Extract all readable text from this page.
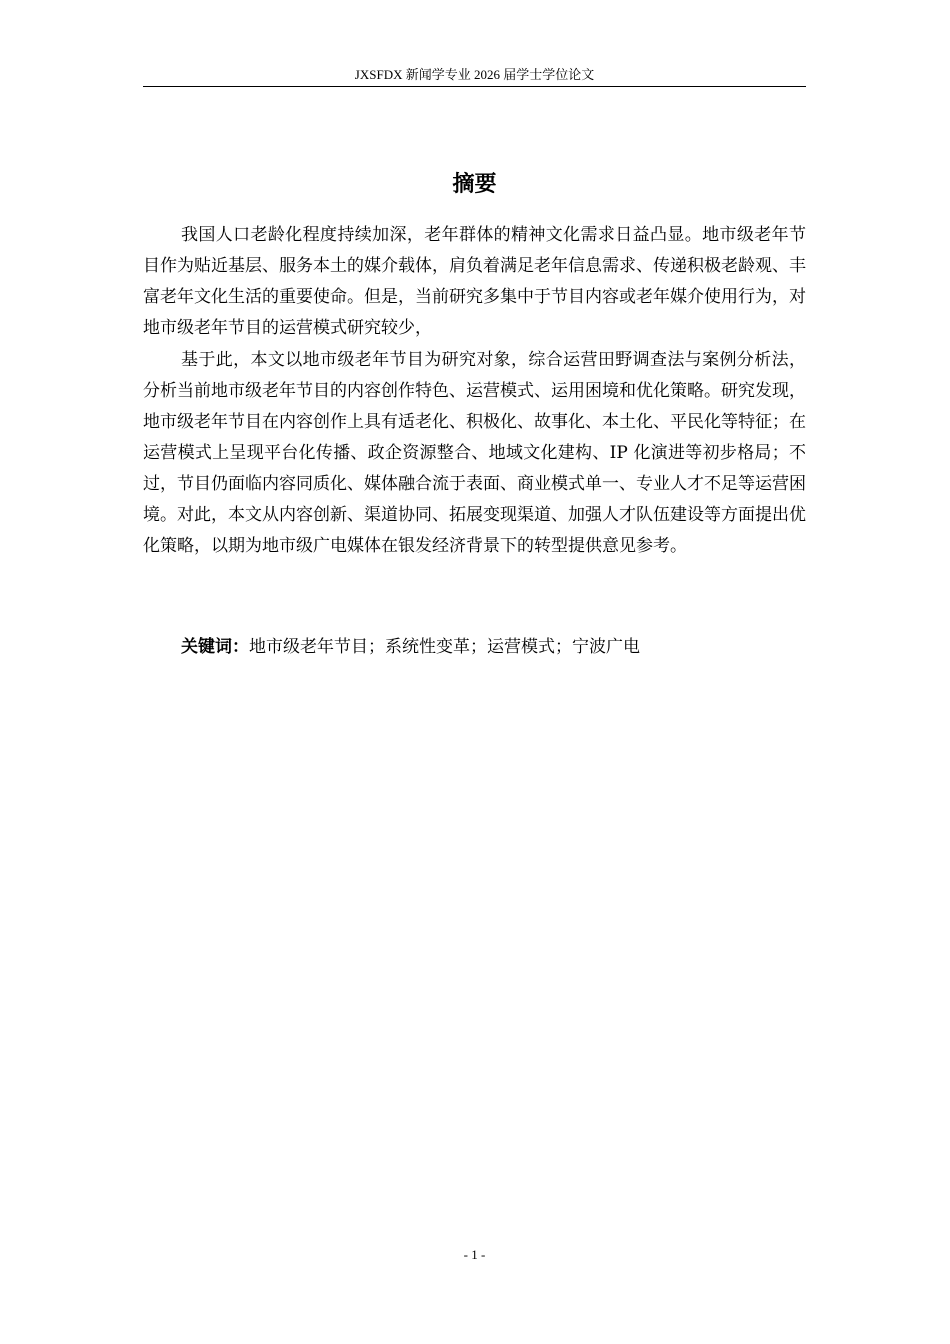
JXSFDX 新闻学专业 2026 届学士学位论文
摘要

我国人口老龄化程度持续加深，老年群体的精神文化需求日益凸显。地市级老年节目作为贴近基层、服务本土的媒介载体，肩负着满足老年信息需求、传递积极老龄观、丰富老年文化生活的重要使命。但是，当前研究多集中于节目内容或老年媒介使用行为，对地市级老年节目的运营模式研究较少，

基于此，本文以地市级老年节目为研究对象，综合运营田野调查法与案例分析法，分析当前地市级老年节目的内容创作特色、运营模式、运用困境和优化策略。研究发现，地市级老年节目在内容创作上具有适老化、积极化、故事化、本土化、平民化等特征；在运营模式上呈现平台化传播、政企资源整合、地域文化建构、IP 化演进等初步格局；不过，节目仍面临内容同质化、媒体融合流于表面、商业模式单一、专业人才不足等运营困境。对此，本文从内容创新、渠道协同、拓展变现渠道、加强人才队伍建设等方面提出优化策略，以期为地市级广电媒体在银发经济背景下的转型提供意见参考。

关键词：地市级老年节目；系统性变革；运营模式；宁波广电
- 1 -
